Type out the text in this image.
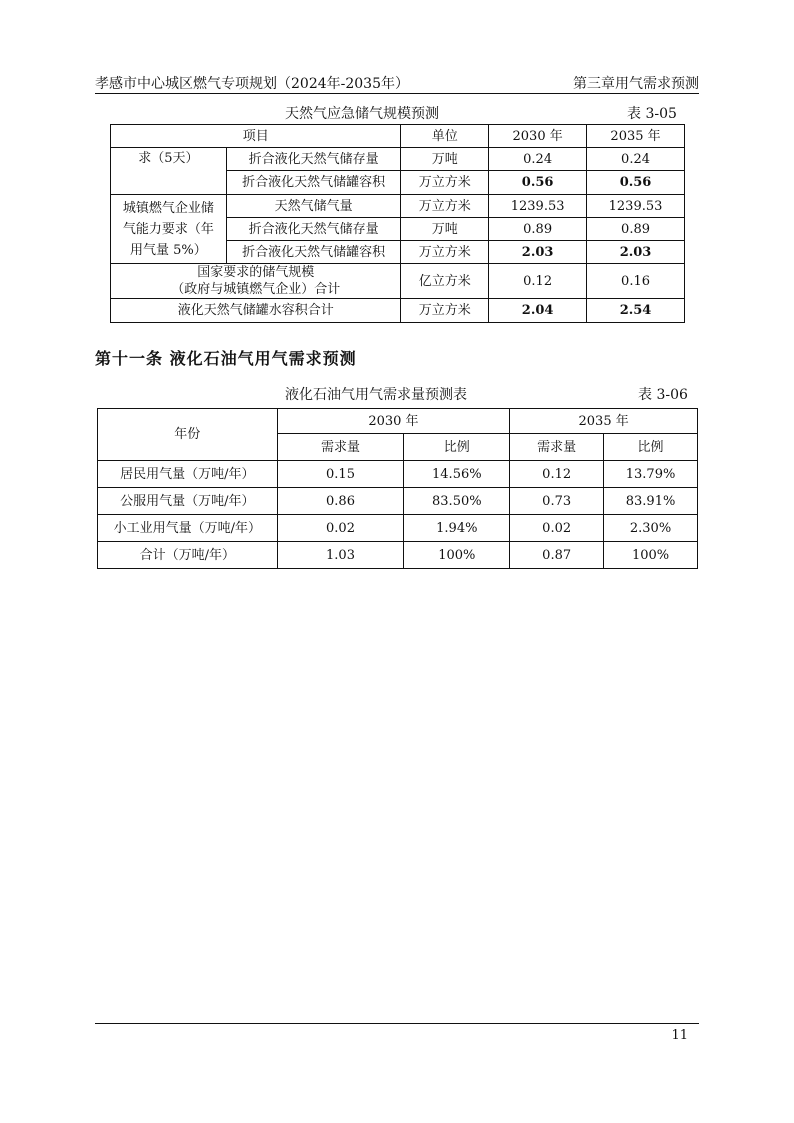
孝感市中心城区燃气专项规划（2024年-2035年）	第三章用气需求预测
天然气应急储气规模预测	表 3-05
项目		单位	2030 年	2035 年
求（5天）	折合液化天然气储存量	万吨	0.24	0.24
	折合液化天然气储罐容积	万立方米	0.56	0.56
城镇燃气企业储气能力要求（年用气量 5%）	天然气储气量	万立方米	1239.53	1239.53
	折合液化天然气储存量	万吨	0.89	0.89
	折合液化天然气储罐容积	万立方米	2.03	2.03

国家要求的储气规模
（政府与城镇燃气企业）合计		亿立方米	0.12	0.16
液化天然气储罐水容积合计		万立方米	2.04	2.54
第十一条 液化石油气用气需求预测
液化石油气用气需求量预测表	表 3-06
年份	2030 年		2035 年	
	需求量	比例	需求量	比例
居民用气量（万吨/年）	0.15	14.56%	0.12	13.79%
公服用气量（万吨/年）	0.86	83.50%	0.73	83.91%
小工业用气量（万吨/年）	0.02	1.94%	0.02	2.30%
合计（万吨/年）	1.03	100%	0.87	100%
11
